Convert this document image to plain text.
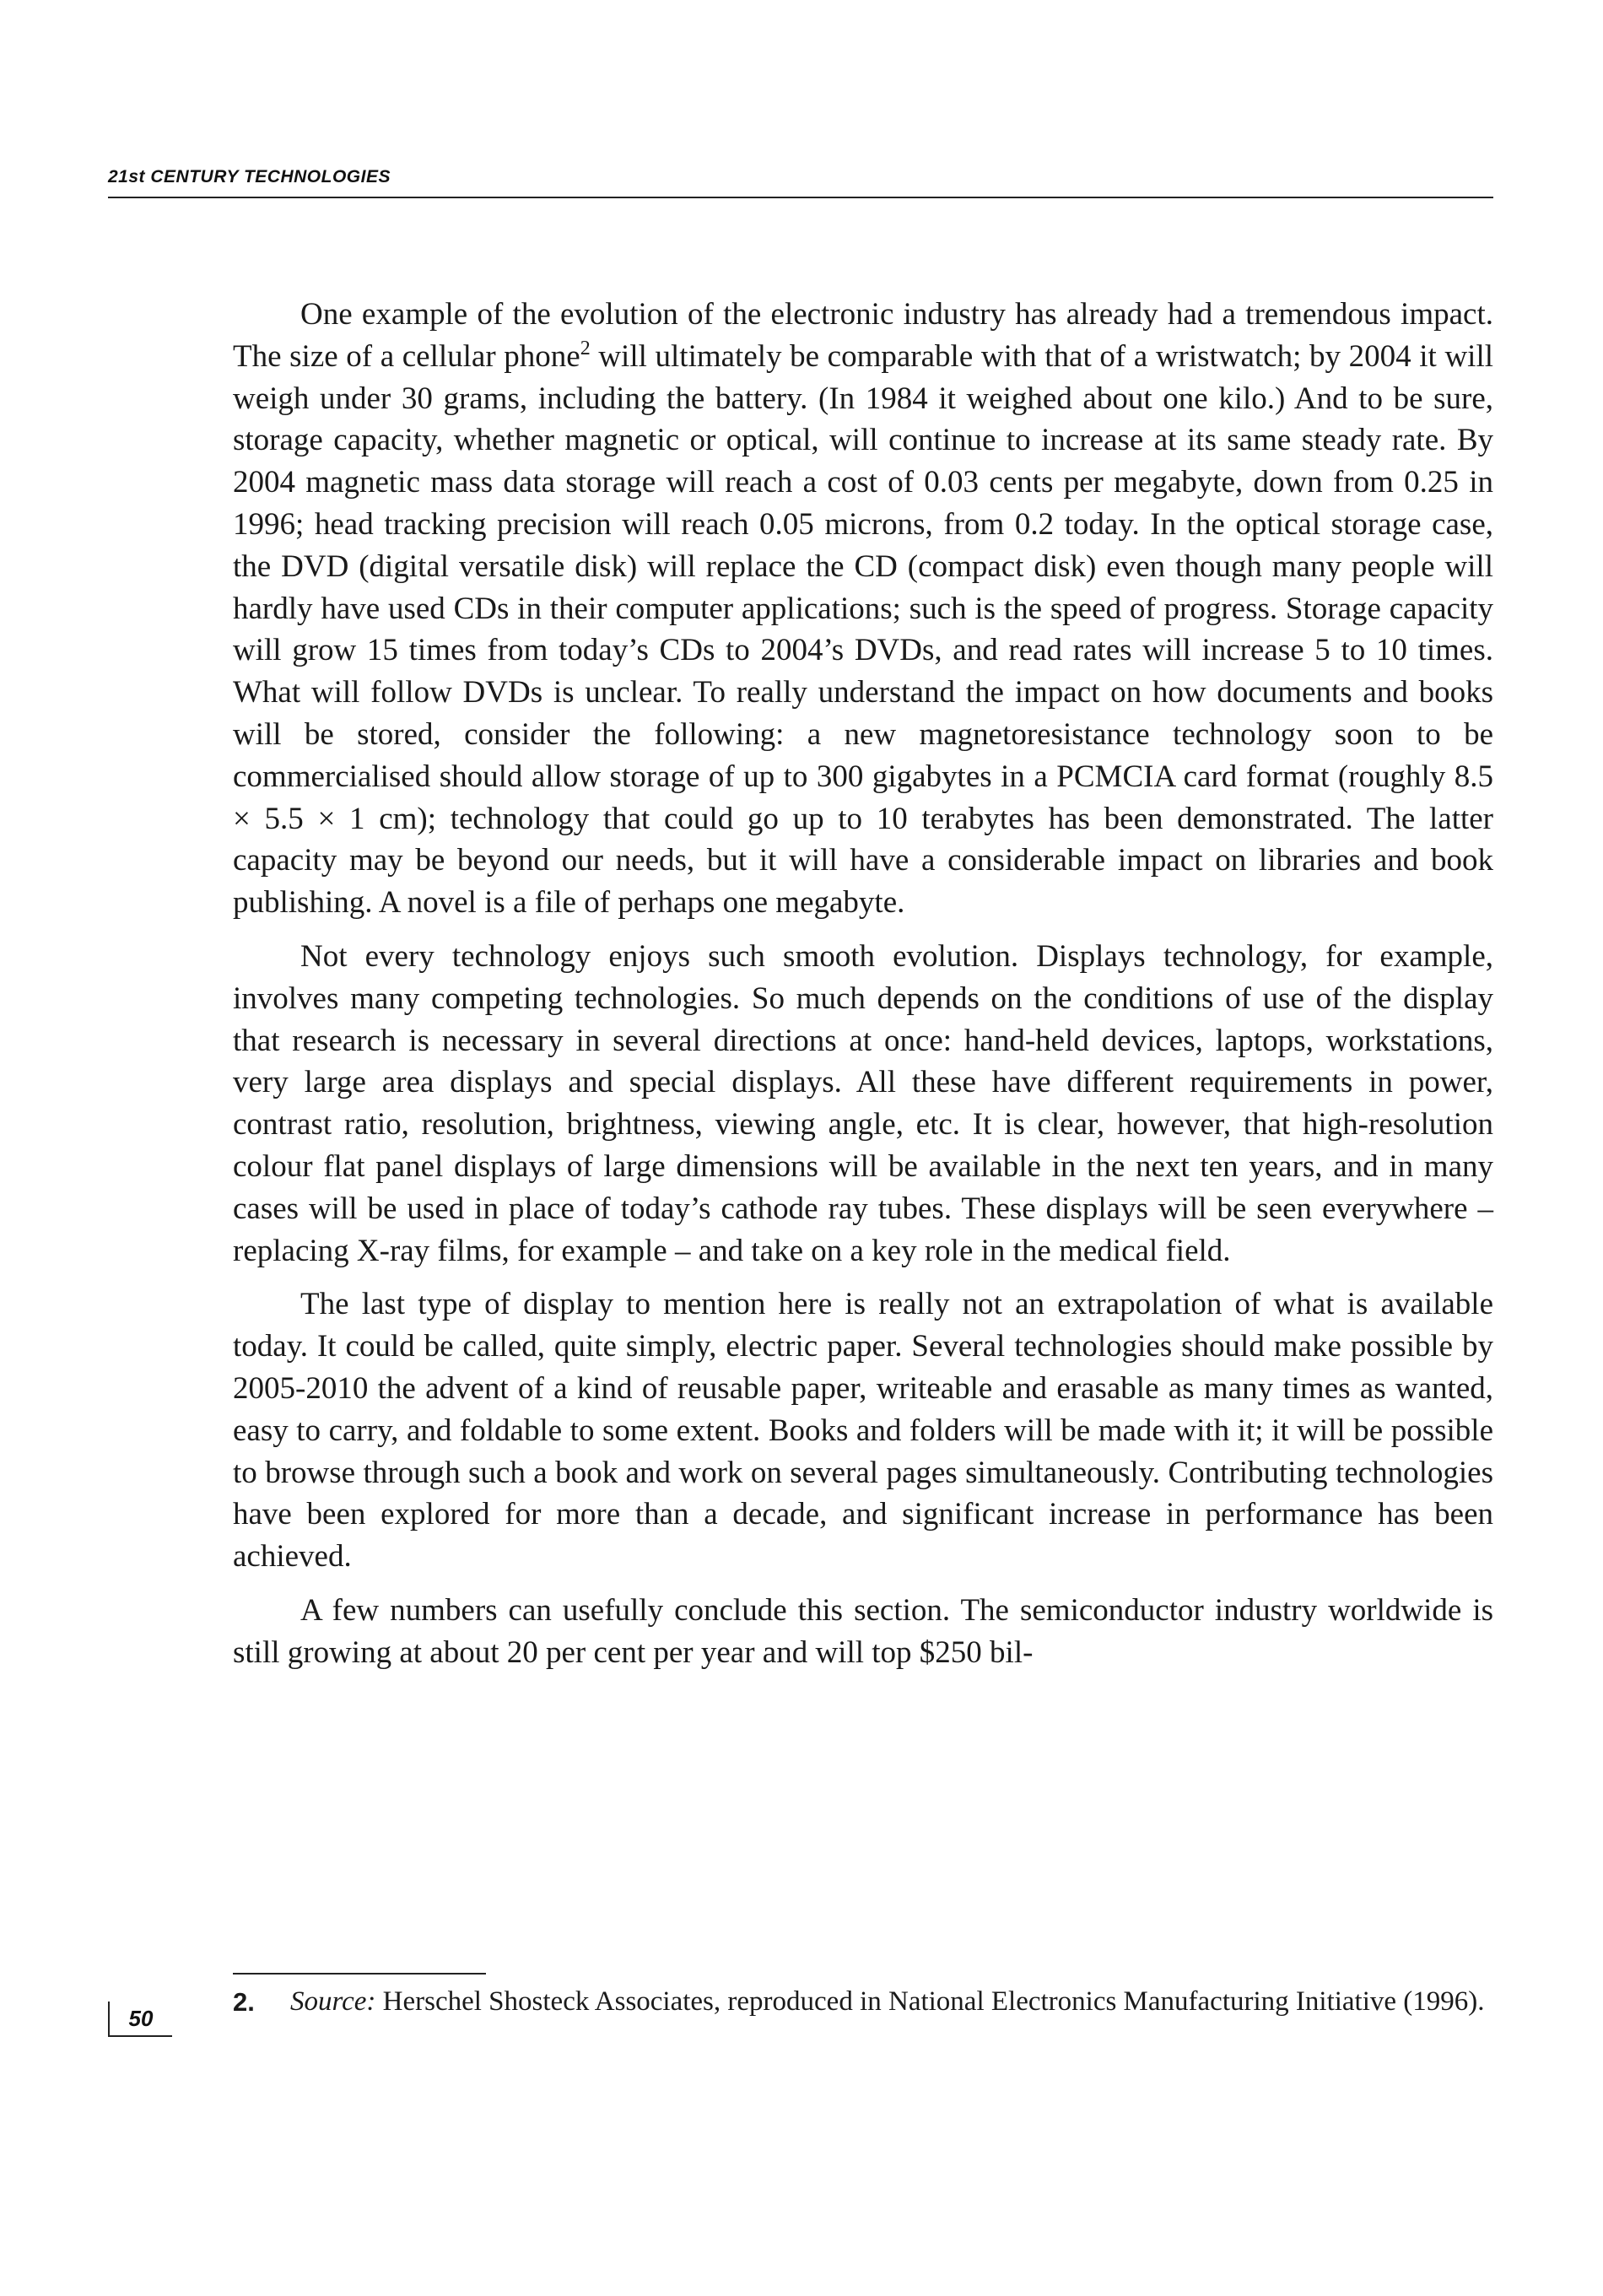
21st CENTURY TECHNOLOGIES

One example of the evolution of the electronic industry has already had a tremendous impact. The size of a cellular phone$^2$ will ultimately be comparable with that of a wristwatch; by 2004 it will weigh under 30 grams, including the battery. (In 1984 it weighed about one kilo.) And to be sure, storage capacity, whether magnetic or optical, will continue to increase at its same steady rate. By 2004 magnetic mass data storage will reach a cost of 0.03 cents per megabyte, down from 0.25 in 1996; head tracking precision will reach 0.05 microns, from 0.2 today. In the optical storage case, the DVD (digital versatile disk) will replace the CD (compact disk) even though many people will hardly have used CDs in their computer applications; such is the speed of progress. Storage capacity will grow 15 times from today’s CDs to 2004’s DVDs, and read rates will increase 5 to 10 times. What will follow DVDs is unclear. To really understand the impact on how documents and books will be stored, consider the following: a new magnetoresistance technology soon to be commercialised should allow storage of up to 300 gigabytes in a PCMCIA card format (roughly 8.5 × 5.5 × 1 cm); technology that could go up to 10 terabytes has been demonstrated. The latter capacity may be beyond our needs, but it will have a considerable impact on libraries and book publishing. A novel is a file of perhaps one megabyte.

Not every technology enjoys such smooth evolution. Displays technology, for example, involves many competing technologies. So much depends on the conditions of use of the display that research is necessary in several directions at once: hand-held devices, laptops, workstations, very large area displays and special displays. All these have different requirements in power, contrast ratio, resolution, brightness, viewing angle, etc. It is clear, however, that high-resolution colour flat panel displays of large dimensions will be available in the next ten years, and in many cases will be used in place of today’s cathode ray tubes. These displays will be seen everywhere – replacing X-ray films, for example – and take on a key role in the medical field.

The last type of display to mention here is really not an extrapolation of what is available today. It could be called, quite simply, electric paper. Several technologies should make possible by 2005-2010 the advent of a kind of reusable paper, writeable and erasable as many times as wanted, easy to carry, and foldable to some extent. Books and folders will be made with it; it will be possible to browse through such a book and work on several pages simultaneously. Contributing technologies have been explored for more than a decade, and significant increase in performance has been achieved.

A few numbers can usefully conclude this section. The semiconductor industry worldwide is still growing at about 20 per cent per year and will top $250 bil-

2.	Source: Herschel Shosteck Associates, reproduced in National Electronics Manufacturing Initiative (1996).
50
